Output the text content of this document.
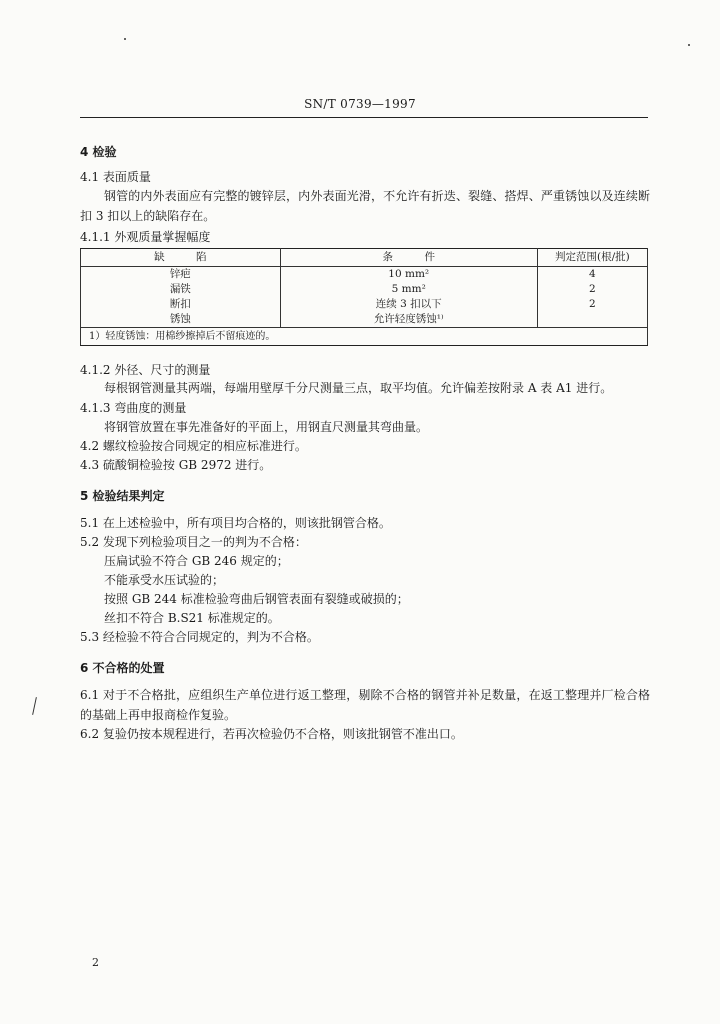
SN/T 0739—1997
4 检验
4.1 表面质量
钢管的内外表面应有完整的镀锌层，内外表面光滑，不允许有折迭、裂缝、搭焊、严重锈蚀以及连续断扣 3 扣以上的缺陷存在。
4.1.1 外观质量掌握幅度
缺　　　陷	条　　　件	判定范围(根/批)
锌疤	10 mm²	4
漏铁	5 mm²	2
断扣	连续 3 扣以下	2
锈蚀	允许轻度锈蚀¹⁾	
1）轻度锈蚀：用棉纱擦掉后不留痕迹的。		
4.1.2 外径、尺寸的测量
每根钢管测量其两端，每端用壁厚千分尺测量三点，取平均值。允许偏差按附录 A 表 A1 进行。
4.1.3 弯曲度的测量
将钢管放置在事先准备好的平面上，用钢直尺测量其弯曲量。
4.2 螺纹检验按合同规定的相应标准进行。
4.3 硫酸铜检验按 GB 2972 进行。
5 检验结果判定
5.1 在上述检验中，所有项目均合格的，则该批钢管合格。
5.2 发现下列检验项目之一的判为不合格：
压扁试验不符合 GB 246 规定的；
不能承受水压试验的；
按照 GB 244 标准检验弯曲后钢管表面有裂缝或破损的；
丝扣不符合 B.S21 标准规定的。
5.3 经检验不符合合同规定的，判为不合格。
6 不合格的处置
6.1 对于不合格批，应组织生产单位进行返工整理，剔除不合格的钢管并补足数量，在返工整理并厂检合格的基础上再申报商检作复验。
6.2 复验仍按本规程进行，若再次检验仍不合格，则该批钢管不准出口。
2
